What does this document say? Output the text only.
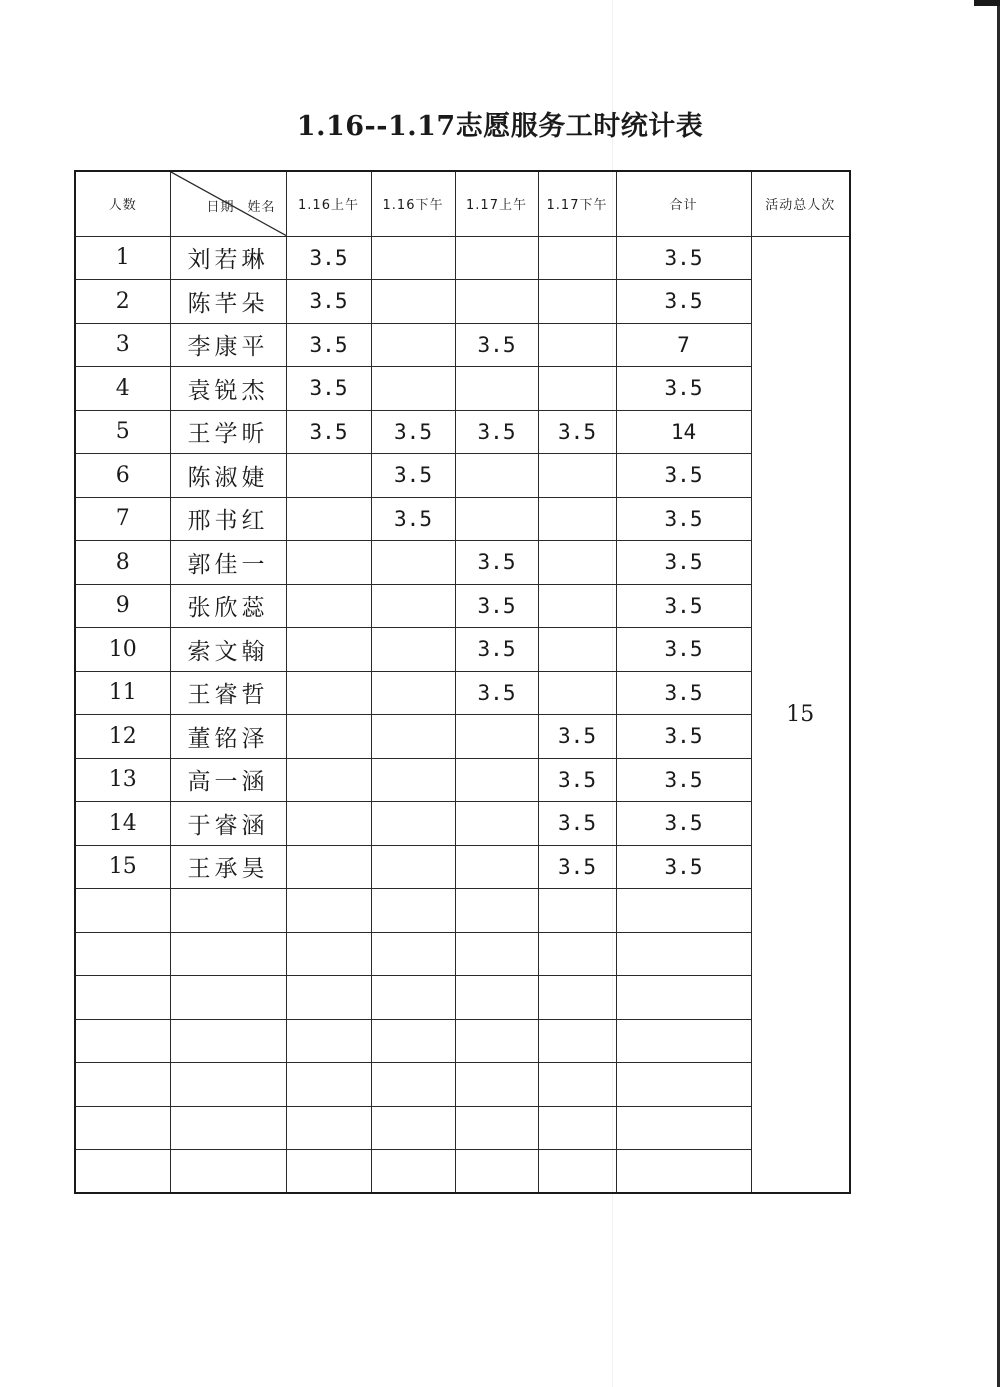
1.16--1.17志愿服务工时统计表
人数	日期 姓名	1.16上午	1.16下午	1.17上午	1.17下午	合计	活动总人次
1	刘若琳	3.5				3.5	15
2	陈芊朵	3.5				3.5	
3	李康平	3.5		3.5		7	
4	袁锐杰	3.5				3.5	
5	王学昕	3.5	3.5	3.5	3.5	14	
6	陈淑婕		3.5			3.5	
7	邢书红		3.5			3.5	
8	郭佳一			3.5		3.5	
9	张欣蕊			3.5		3.5	
10	索文翰			3.5		3.5	
11	王睿哲			3.5		3.5	
12	董铭泽				3.5	3.5	
13	高一涵				3.5	3.5	
14	于睿涵				3.5	3.5	
15	王承昊				3.5	3.5	
